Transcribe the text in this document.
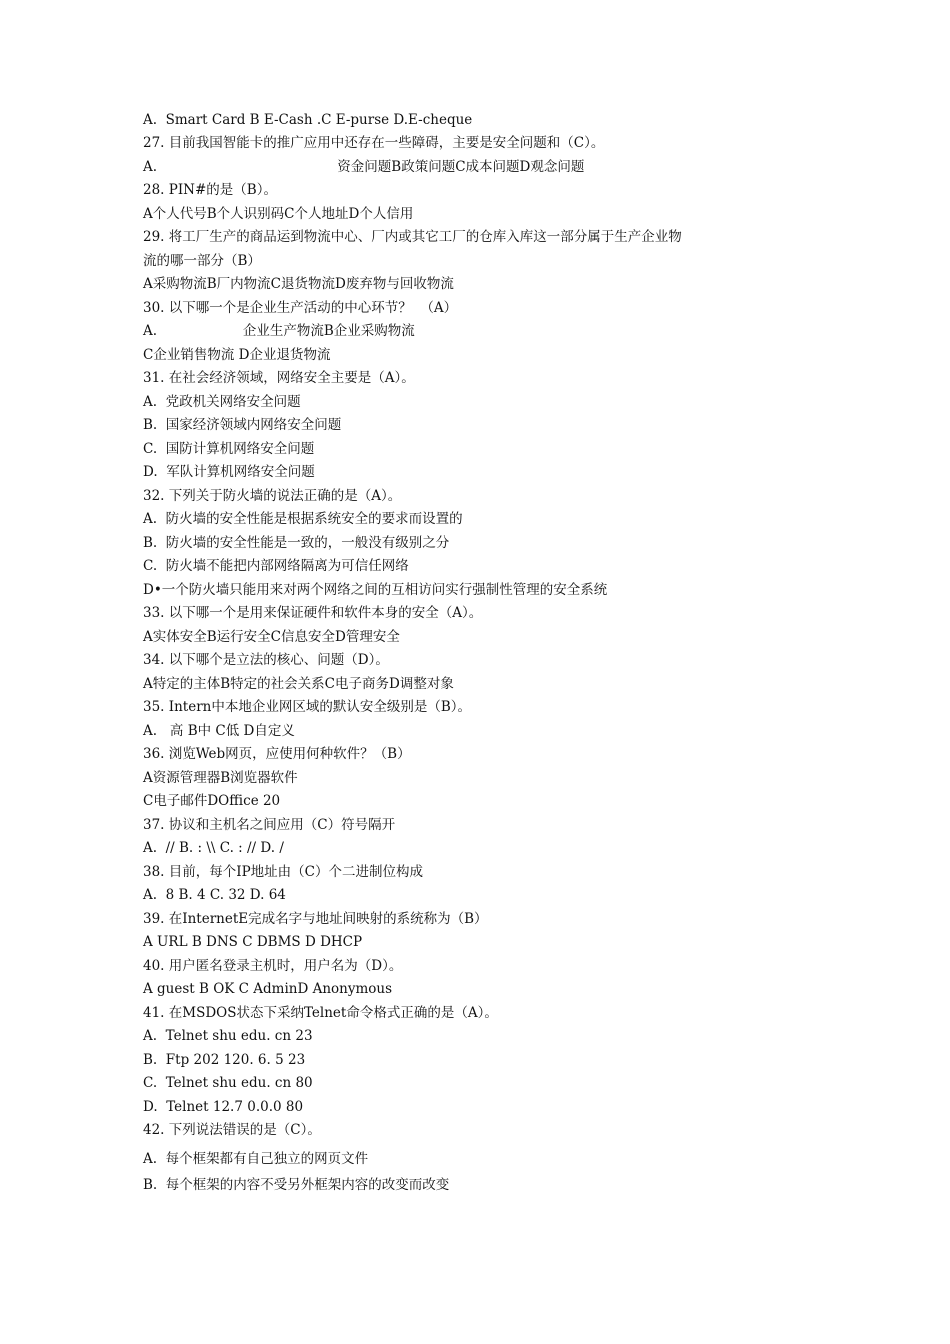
A.  Smart Card B E-Cash .C E-purse D.E-cheque
27. 目前我国智能卡的推广应用中还存在一些障碍，主要是安全问题和（C）。
A.                                          资金问题B政策问题C成本问题D观念问题
28. PIN#的是（B）。
A个人代号B个人识别码C个人地址D个人信用
29. 将工厂生产的商品运到物流中心、厂内或其它工厂的仓库入库这一部分属于生产企业物
流的哪一部分（B）
A采购物流B厂内物流C退货物流D废弃物与回收物流
30. 以下哪一个是企业生产活动的中心环节？  （A）
A.                    企业生产物流B企业采购物流
C企业销售物流 D企业退货物流
31. 在社会经济领域，网络安全主要是（A）。
A.  党政机关网络安全问题
B.  国家经济领域内网络安全问题
C.  国防计算机网络安全问题
D.  军队计算机网络安全问题
32. 下列关于防火墙的说法正确的是（A）。
A.  防火墙的安全性能是根据系统安全的要求而设置的
B.  防火墙的安全性能是一致的，一般没有级别之分
C.  防火墙不能把内部网络隔离为可信任网络
D•一个防火墙只能用来对两个网络之间的互相访问实行强制性管理的安全系统
33. 以下哪一个是用来保证硬件和软件本身的安全（A）。
A实体安全B运行安全C信息安全D管理安全
34. 以下哪个是立法的核心、问题（D）。
A特定的主体B特定的社会关系C电子商务D调整对象
35. Intern中本地企业网区域的默认安全级别是（B）。
A.   高 B中 C低 D自定义
36. 浏览Web网页，应使用何种软件？（B）
A资源管理器B浏览器软件
C电子邮件DOffice 20
37. 协议和主机名之间应用（C）符号隔开
A.  // B. : \\ C. : // D. /
38. 目前，每个IP地址由（C）个二进制位构成
A.  8 B. 4 C. 32 D. 64
39. 在InternetE完成名字与地址间映射的系统称为（B）
A URL B DNS C DBMS D DHCP
40. 用户匿名登录主机时，用户名为（D）。
A guest B OK C AdminD Anonymous
41. 在MSDOS状态下采纳Telnet命令格式正确的是（A）。
A.  Telnet shu edu. cn 23
B.  Ftp 202 120. 6. 5 23
C.  Telnet shu edu. cn 80
D.  Telnet 12.7 0.0.0 80
42. 下列说法错误的是（C）。
A.  每个框架都有自己独立的网页文件
B.  每个框架的内容不受另外框架内容的改变而改变
